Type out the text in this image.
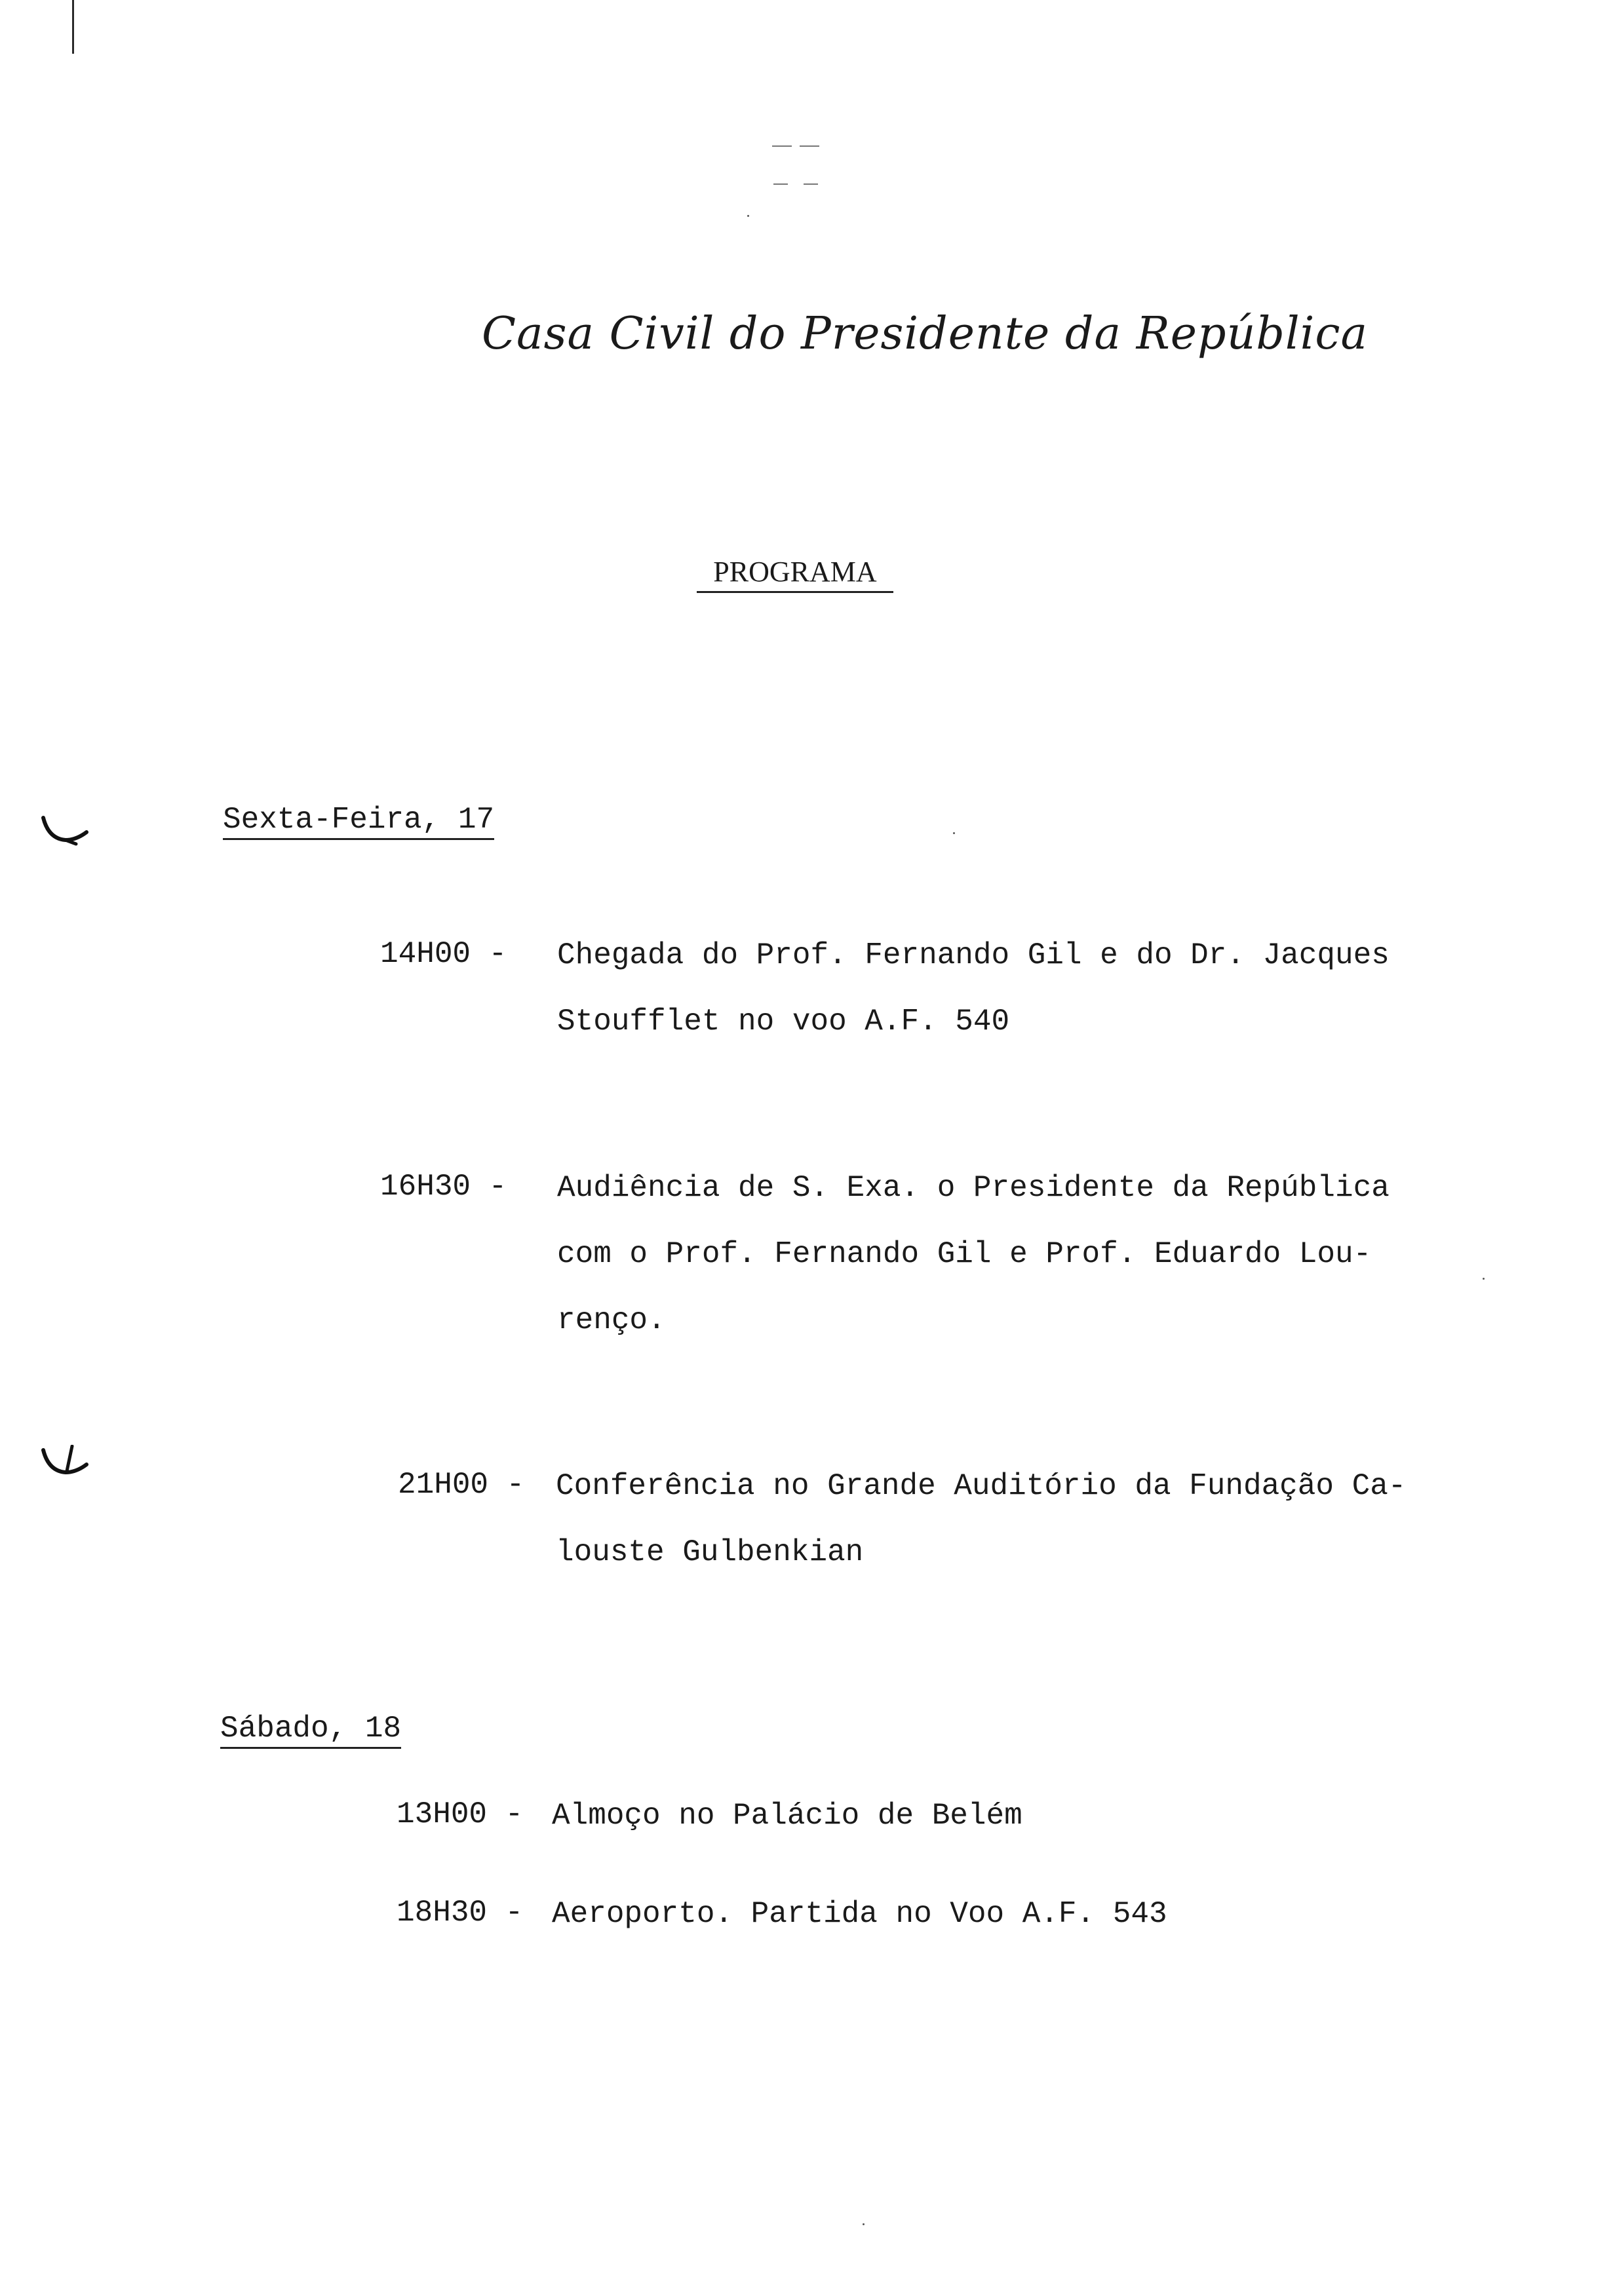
Casa Civil do Presidente da República
PROGRAMA
Sexta-Feira, 17
14H00 - Chegada do Prof. Fernando Gil e do Dr. Jacques
Stoufflet no voo A.F. 540
16H30 - Audiência de S. Exa. o Presidente da República
com o Prof. Fernando Gil e Prof. Eduardo Lou-
renço.
21H00 - Conferência no Grande Auditório da Fundação Ca-
louste Gulbenkian
Sábado, 18
13H00 - Almoço no Palácio de Belém
18H30 - Aeroporto. Partida no Voo A.F. 543
